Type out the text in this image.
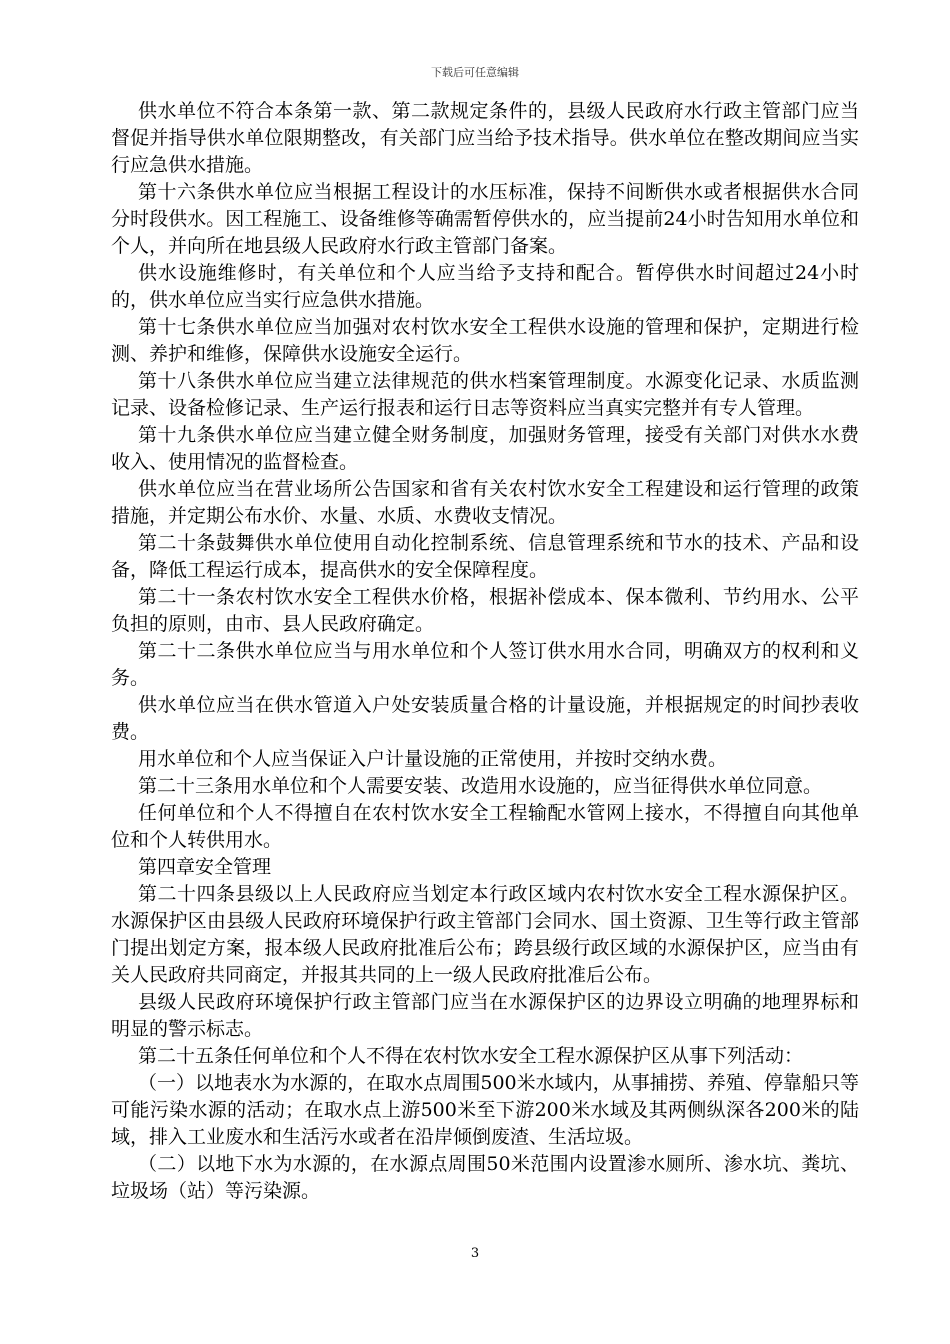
下载后可任意编辑

供水单位不符合本条第一款、第二款规定条件的，县级人民政府水行政主管部门应当督促并指导供水单位限期整改，有关部门应当给予技术指导。供水单位在整改期间应当实行应急供水措施。

第十六条供水单位应当根据工程设计的水压标准，保持不间断供水或者根据供水合同分时段供水。因工程施工、设备维修等确需暂停供水的，应当提前24小时告知用水单位和个人，并向所在地县级人民政府水行政主管部门备案。

供水设施维修时，有关单位和个人应当给予支持和配合。暂停供水时间超过24小时的，供水单位应当实行应急供水措施。

第十七条供水单位应当加强对农村饮水安全工程供水设施的管理和保护，定期进行检测、养护和维修，保障供水设施安全运行。

第十八条供水单位应当建立法律规范的供水档案管理制度。水源变化记录、水质监测记录、设备检修记录、生产运行报表和运行日志等资料应当真实完整并有专人管理。

第十九条供水单位应当建立健全财务制度，加强财务管理，接受有关部门对供水水费收入、使用情况的监督检查。

供水单位应当在营业场所公告国家和省有关农村饮水安全工程建设和运行管理的政策措施，并定期公布水价、水量、水质、水费收支情况。

第二十条鼓舞供水单位使用自动化控制系统、信息管理系统和节水的技术、产品和设备，降低工程运行成本，提高供水的安全保障程度。

第二十一条农村饮水安全工程供水价格，根据补偿成本、保本微利、节约用水、公平负担的原则，由市、县人民政府确定。

第二十二条供水单位应当与用水单位和个人签订供水用水合同，明确双方的权利和义务。

供水单位应当在供水管道入户处安装质量合格的计量设施，并根据规定的时间抄表收费。

用水单位和个人应当保证入户计量设施的正常使用，并按时交纳水费。

第二十三条用水单位和个人需要安装、改造用水设施的，应当征得供水单位同意。

任何单位和个人不得擅自在农村饮水安全工程输配水管网上接水，不得擅自向其他单位和个人转供用水。

第四章安全管理

第二十四条县级以上人民政府应当划定本行政区域内农村饮水安全工程水源保护区。水源保护区由县级人民政府环境保护行政主管部门会同水、国土资源、卫生等行政主管部门提出划定方案，报本级人民政府批准后公布；跨县级行政区域的水源保护区，应当由有关人民政府共同商定，并报其共同的上一级人民政府批准后公布。

县级人民政府环境保护行政主管部门应当在水源保护区的边界设立明确的地理界标和明显的警示标志。

第二十五条任何单位和个人不得在农村饮水安全工程水源保护区从事下列活动：

（一）以地表水为水源的，在取水点周围500米水域内，从事捕捞、养殖、停靠船只等可能污染水源的活动；在取水点上游500米至下游200米水域及其两侧纵深各200米的陆域，排入工业废水和生活污水或者在沿岸倾倒废渣、生活垃圾。

（二）以地下水为水源的，在水源点周围50米范围内设置渗水厕所、渗水坑、粪坑、垃圾场（站）等污染源。

3
